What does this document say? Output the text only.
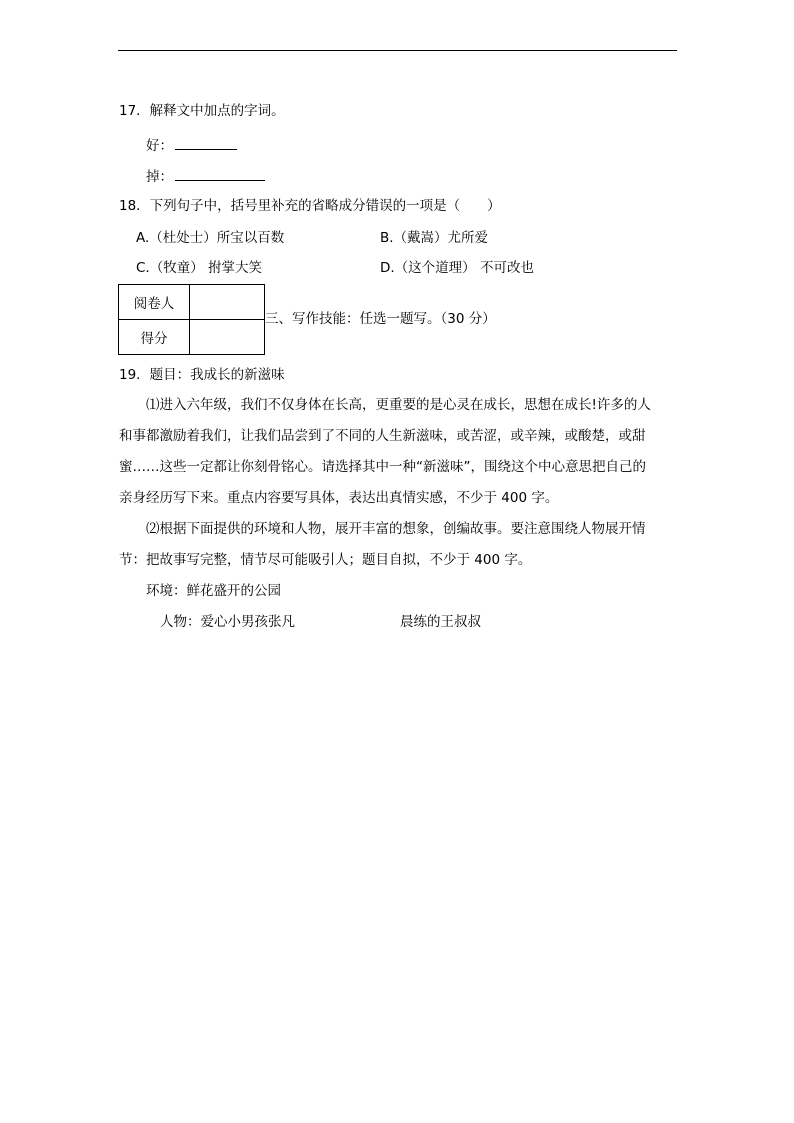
17．解释文中加点的字词。
好：
掉：
18．下列句子中，括号里补充的省略成分错误的一项是（　　）
A.（杜处士）所宝以百数	B.（戴嵩）尤所爱
C.（牧童） 拊掌大笑	D.（这个道理） 不可改也
阅卷人	
得分	
三、写作技能：任选一题写。（30 分）
19．题目：我成长的新滋味
⑴进入六年级，我们不仅身体在长高，更重要的是心灵在成长，思想在成长!许多的人
和事都激励着我们，让我们品尝到了不同的人生新滋味，或苦涩，或辛辣，或酸楚，或甜
蜜……这些一定都让你刻骨铭心。请选择其中一种“新滋味”，围绕这个中心意思把自己的
亲身经历写下来。重点内容要写具体，表达出真情实感，不少于 400 字。
⑵根据下面提供的环境和人物，展开丰富的想象，创编故事。要注意围绕人物展开情
节：把故事写完整，情节尽可能吸引人；题目自拟，不少于 400 字。
环境：鲜花盛开的公园
人物：爱心小男孩张凡	晨练的王叔叔
